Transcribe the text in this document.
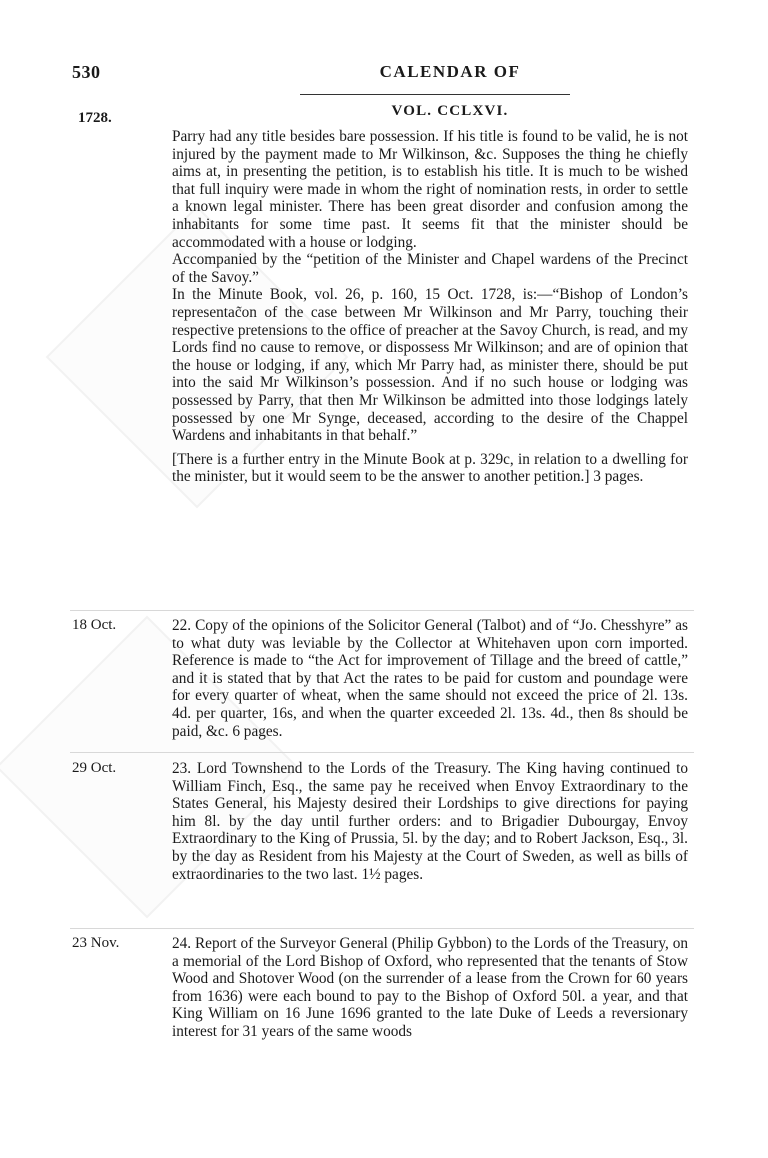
530	CALENDAR OF
VOL. CCLXVI.
1728.

Parry had any title besides bare possession. If his title is found to be valid, he is not injured by the payment made to Mr Wilkinson, &c. Supposes the thing he chiefly aims at, in presenting the petition, is to establish his title. It is much to be wished that full inquiry were made in whom the right of nomination rests, in order to settle a known legal minister. There has been great disorder and confusion among the inhabitants for some time past. It seems fit that the minister should be accommodated with a house or lodging.

Accompanied by the “petition of the Minister and Chapel wardens of the Precinct of the Savoy.”

In the Minute Book, vol. 26, p. 160, 15 Oct. 1728, is:—“Bishop of London’s representac̃on of the case between Mr Wilkinson and Mr Parry, touching their respective pretensions to the office of preacher at the Savoy Church, is read, and my Lords find no cause to remove, or dispossess Mr Wilkinson; and are of opinion that the house or lodging, if any, which Mr Parry had, as minister there, should be put into the said Mr Wilkinson’s possession. And if no such house or lodging was possessed by Parry, that then Mr Wilkinson be admitted into those lodgings lately possessed by one Mr Synge, deceased, according to the desire of the Chappel Wardens and inhabitants in that behalf.”

[There is a further entry in the Minute Book at p. 329c, in relation to a dwelling for the minister, but it would seem to be the answer to another petition.] 3 pages.

18 Oct.	22. Copy of the opinions of the Solicitor General (Talbot) and of “Jo. Chesshyre” as to what duty was leviable by the Collector at Whitehaven upon corn imported. Reference is made to “the Act for improvement of Tillage and the breed of cattle,” and it is stated that by that Act the rates to be paid for custom and poundage were for every quarter of wheat, when the same should not exceed the price of 2l. 13s. 4d. per quarter, 16s, and when the quarter exceeded 2l. 13s. 4d., then 8s should be paid, &c. 6 pages.

29 Oct.	23. Lord Townshend to the Lords of the Treasury. The King having continued to William Finch, Esq., the same pay he received when Envoy Extraordinary to the States General, his Majesty desired their Lordships to give directions for paying him 8l. by the day until further orders: and to Brigadier Dubourgay, Envoy Extraordinary to the King of Prussia, 5l. by the day; and to Robert Jackson, Esq., 3l. by the day as Resident from his Majesty at the Court of Sweden, as well as bills of extraordinaries to the two last. 1½ pages.

23 Nov.	24. Report of the Surveyor General (Philip Gybbon) to the Lords of the Treasury, on a memorial of the Lord Bishop of Oxford, who represented that the tenants of Stow Wood and Shotover Wood (on the surrender of a lease from the Crown for 60 years from 1636) were each bound to pay to the Bishop of Oxford 50l. a year, and that King William on 16 June 1696 granted to the late Duke of Leeds a reversionary interest for 31 years of the same woods
